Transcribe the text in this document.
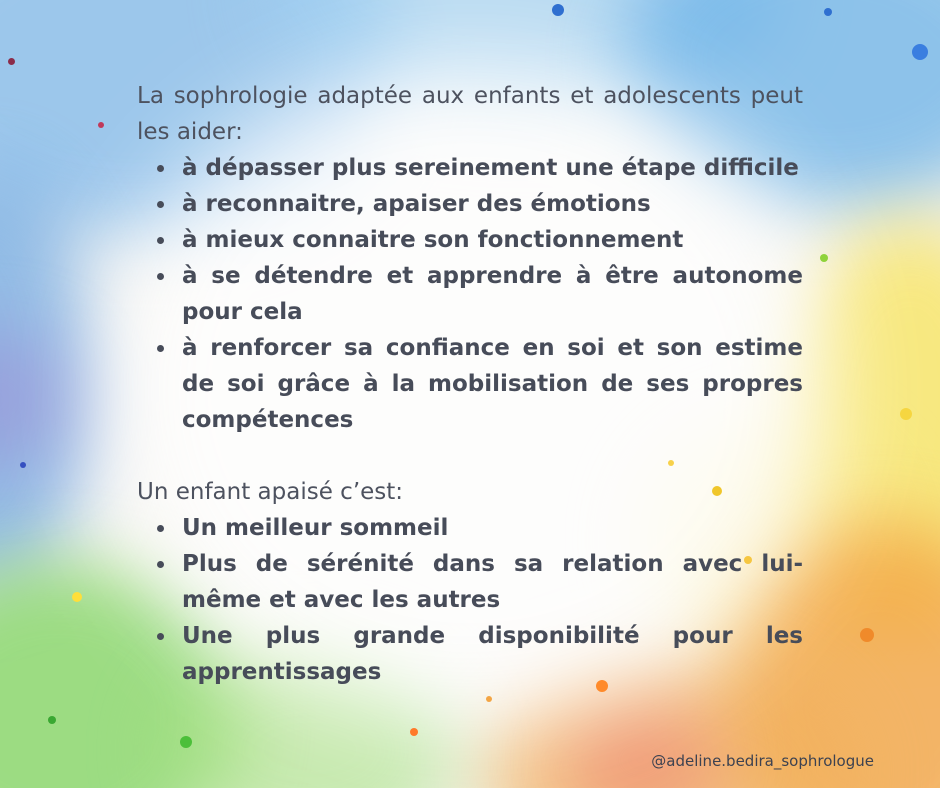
La sophrologie adaptée aux enfants et adolescents peut les aider:

à dépasser plus sereinement une étape difficile
à reconnaitre, apaiser des émotions
à mieux connaitre son fonctionnement
à se détendre et apprendre à être autonome pour cela
à renforcer sa confiance en soi et son estime de soi grâce à la mobilisation de ses propres compétences

Un enfant apaisé c’est:

Un meilleur sommeil
Plus de sérénité dans sa relation avec lui-même et avec les autres
Une plus grande disponibilité pour les apprentissages
@adeline.bedira_sophrologue
